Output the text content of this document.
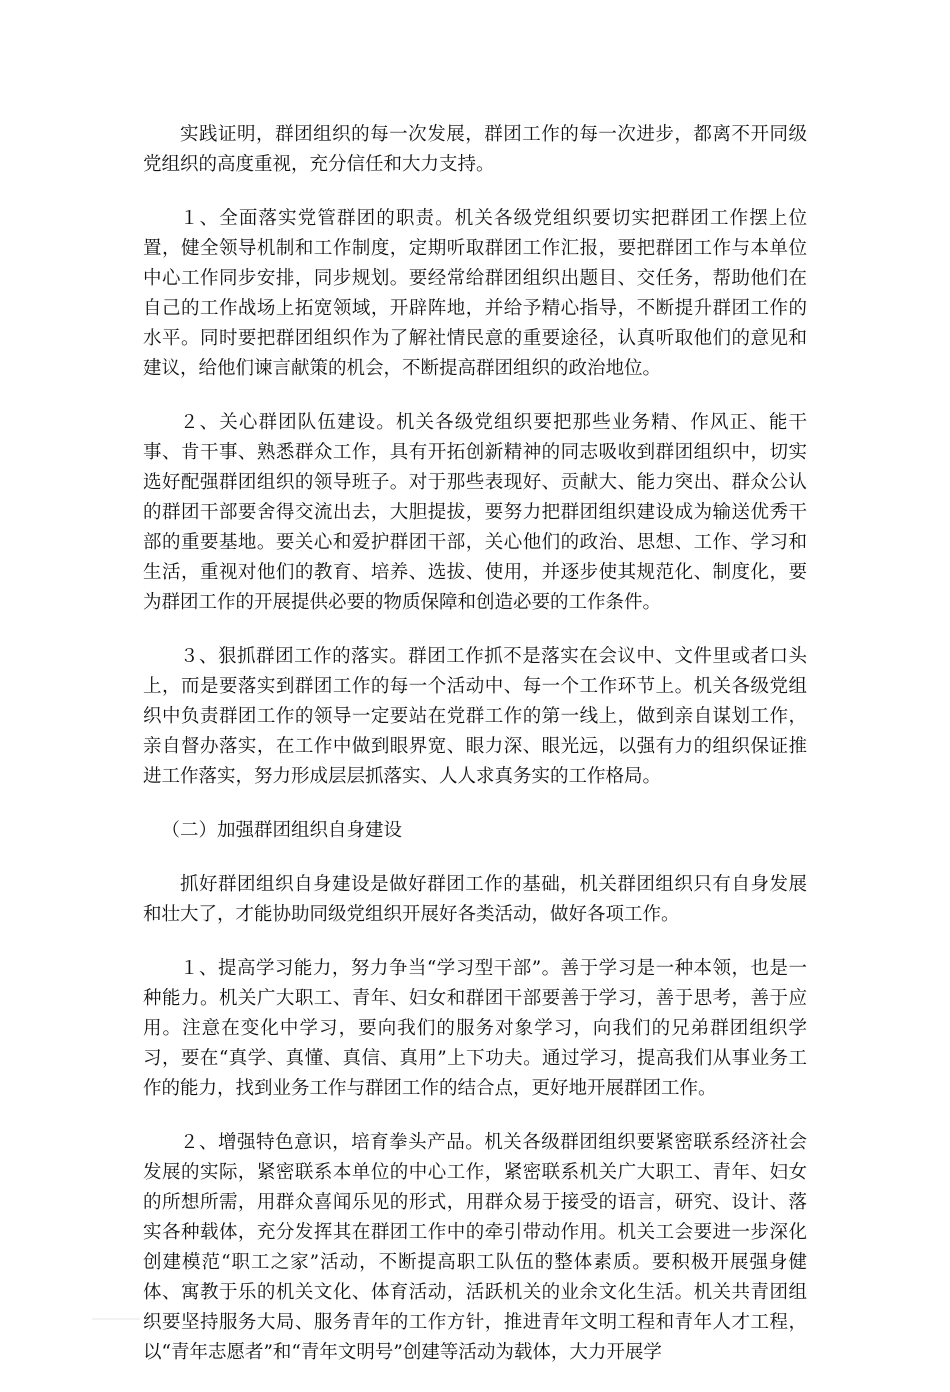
实践证明，群团组织的每一次发展，群团工作的每一次进步，都离不开同级党组织的高度重视，充分信任和大力支持。

１、全面落实党管群团的职责。机关各级党组织要切实把群团工作摆上位置，健全领导机制和工作制度，定期听取群团工作汇报，要把群团工作与本单位中心工作同步安排，同步规划。要经常给群团组织出题目、交任务，帮助他们在自己的工作战场上拓宽领域，开辟阵地，并给予精心指导，不断提升群团工作的水平。同时要把群团组织作为了解社情民意的重要途径，认真听取他们的意见和建议，给他们谏言献策的机会，不断提高群团组织的政治地位。

２、关心群团队伍建设。机关各级党组织要把那些业务精、作风正、能干事、肯干事、熟悉群众工作，具有开拓创新精神的同志吸收到群团组织中，切实选好配强群团组织的领导班子。对于那些表现好、贡献大、能力突出、群众公认的群团干部要舍得交流出去，大胆提拔，要努力把群团组织建设成为输送优秀干部的重要基地。要关心和爱护群团干部，关心他们的政治、思想、工作、学习和生活，重视对他们的教育、培养、选拔、使用，并逐步使其规范化、制度化，要为群团工作的开展提供必要的物质保障和创造必要的工作条件。

３、狠抓群团工作的落实。群团工作抓不是落实在会议中、文件里或者口头上，而是要落实到群团工作的每一个活动中、每一个工作环节上。机关各级党组织中负责群团工作的领导一定要站在党群工作的第一线上，做到亲自谋划工作，亲自督办落实，在工作中做到眼界宽、眼力深、眼光远，以强有力的组织保证推进工作落实，努力形成层层抓落实、人人求真务实的工作格局。

（二）加强群团组织自身建设

抓好群团组织自身建设是做好群团工作的基础，机关群团组织只有自身发展和壮大了，才能协助同级党组织开展好各类活动，做好各项工作。

１、提高学习能力，努力争当“学习型干部”。善于学习是一种本领，也是一种能力。机关广大职工、青年、妇女和群团干部要善于学习，善于思考，善于应用。注意在变化中学习，要向我们的服务对象学习，向我们的兄弟群团组织学习，要在“真学、真懂、真信、真用”上下功夫。通过学习，提高我们从事业务工作的能力，找到业务工作与群团工作的结合点，更好地开展群团工作。

２、增强特色意识，培育拳头产品。机关各级群团组织要紧密联系经济社会发展的实际，紧密联系本单位的中心工作，紧密联系机关广大职工、青年、妇女的所想所需，用群众喜闻乐见的形式，用群众易于接受的语言，研究、设计、落实各种载体，充分发挥其在群团工作中的牵引带动作用。机关工会要进一步深化创建模范“职工之家”活动，不断提高职工队伍的整体素质。要积极开展强身健体、寓教于乐的机关文化、体育活动，活跃机关的业余文化生活。机关共青团组织要坚持服务大局、服务青年的工作方针，推进青年文明工程和青年人才工程，以“青年志愿者”和“青年文明号”创建等活动为载体，大力开展学
